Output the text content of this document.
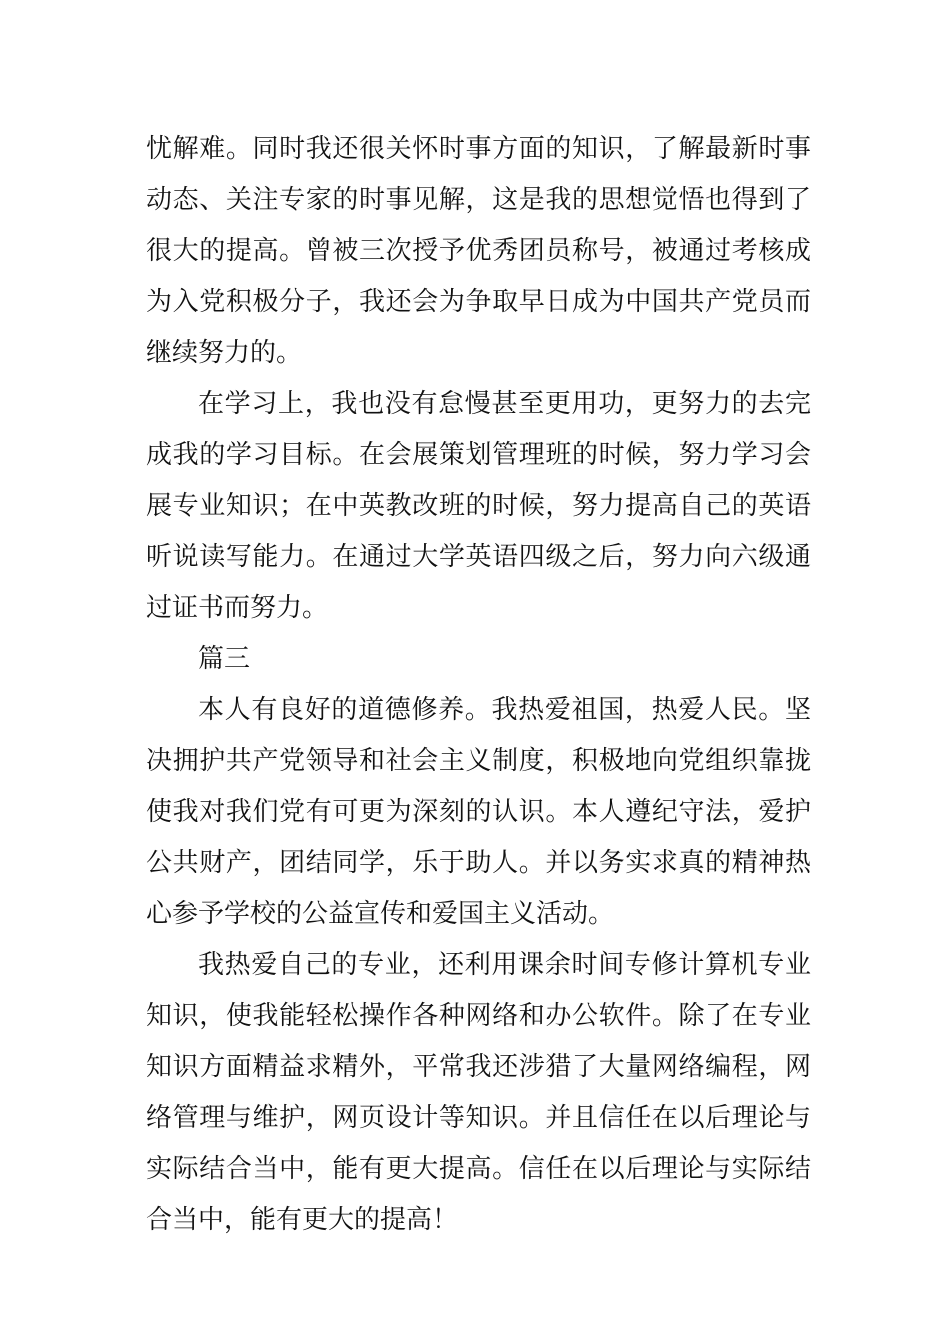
忧解难。同时我还很关怀时事方面的知识，了解最新时事动态、关注专家的时事见解，这是我的思想觉悟也得到了很大的提高。曾被三次授予优秀团员称号，被通过考核成为入党积极分子，我还会为争取早日成为中国共产党员而继续努力的。

在学习上，我也没有怠慢甚至更用功，更努力的去完成我的学习目标。在会展策划管理班的时候，努力学习会展专业知识；在中英教改班的时候，努力提高自己的英语听说读写能力。在通过大学英语四级之后，努力向六级通过证书而努力。

篇三

本人有良好的道德修养。我热爱祖国，热爱人民。坚决拥护共产党领导和社会主义制度，积极地向党组织靠拢使我对我们党有可更为深刻的认识。本人遵纪守法，爱护公共财产，团结同学，乐于助人。并以务实求真的精神热心参予学校的公益宣传和爱国主义活动。

我热爱自己的专业，还利用课余时间专修计算机专业知识，使我能轻松操作各种网络和办公软件。除了在专业知识方面精益求精外，平常我还涉猎了大量网络编程，网络管理与维护，网页设计等知识。并且信任在以后理论与实际结合当中，能有更大提高。信任在以后理论与实际结合当中，能有更大的提高！
